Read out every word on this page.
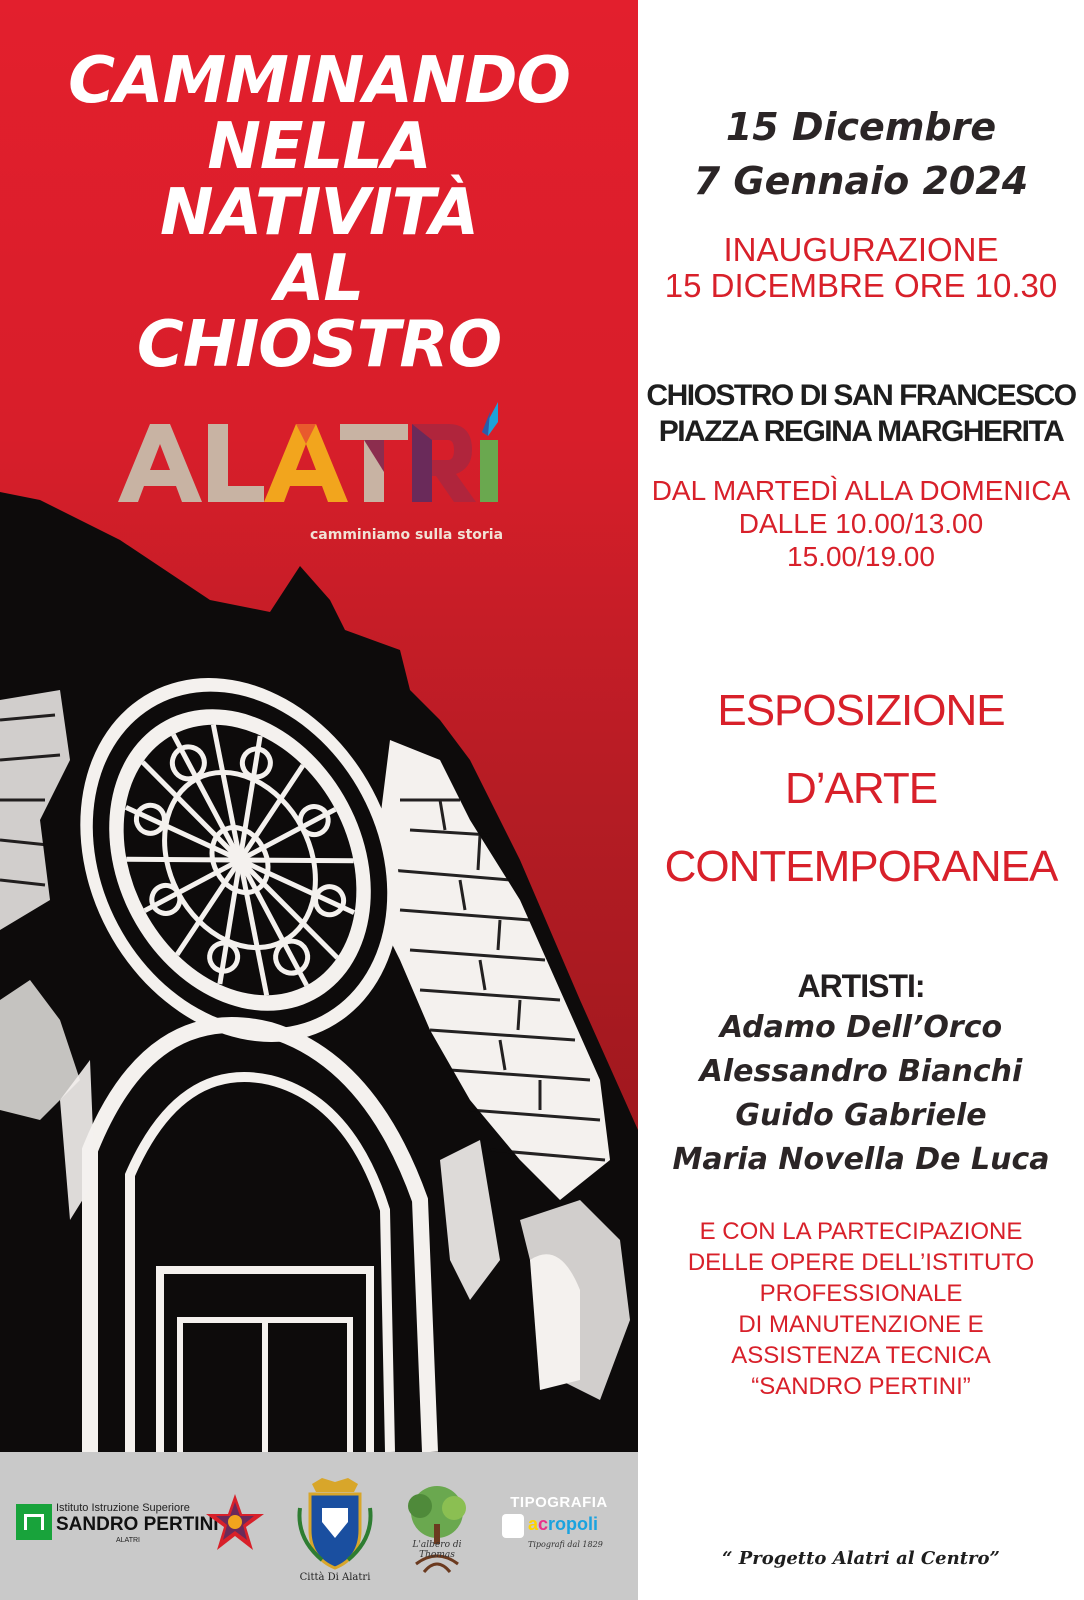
CAMMINANDO
NELLA
NATIVITÀ
AL
CHIOSTRO
camminiamo sulla storia
15 Dicembre
7 Gennaio 2024
INAUGURAZIONE
15 DICEMBRE ORE 10.30
CHIOSTRO DI SAN FRANCESCO
PIAZZA REGINA MARGHERITA
DAL MARTEDÌ ALLA DOMENICA
DALLE 10.00/13.00
15.00/19.00
ESPOSIZIONE
D’ARTE
CONTEMPORANEA
ARTISTI:
Adamo Dell’Orco
Alessandro Bianchi
Guido Gabriele
Maria Novella De Luca
E CON LA PARTECIPAZIONE
DELLE OPERE DELL’ISTITUTO
PROFESSIONALE
DI MANUTENZIONE E
ASSISTENZA TECNICA
“SANDRO PERTINI”
Istituto Istruzione Superiore
SANDRO PERTINI
ALATRI
Città Di Alatri
L'albero di Thomas
TIPOGRAFIA
acropoli
Tipografi dal 1829
“ Progetto Alatri al Centro”
